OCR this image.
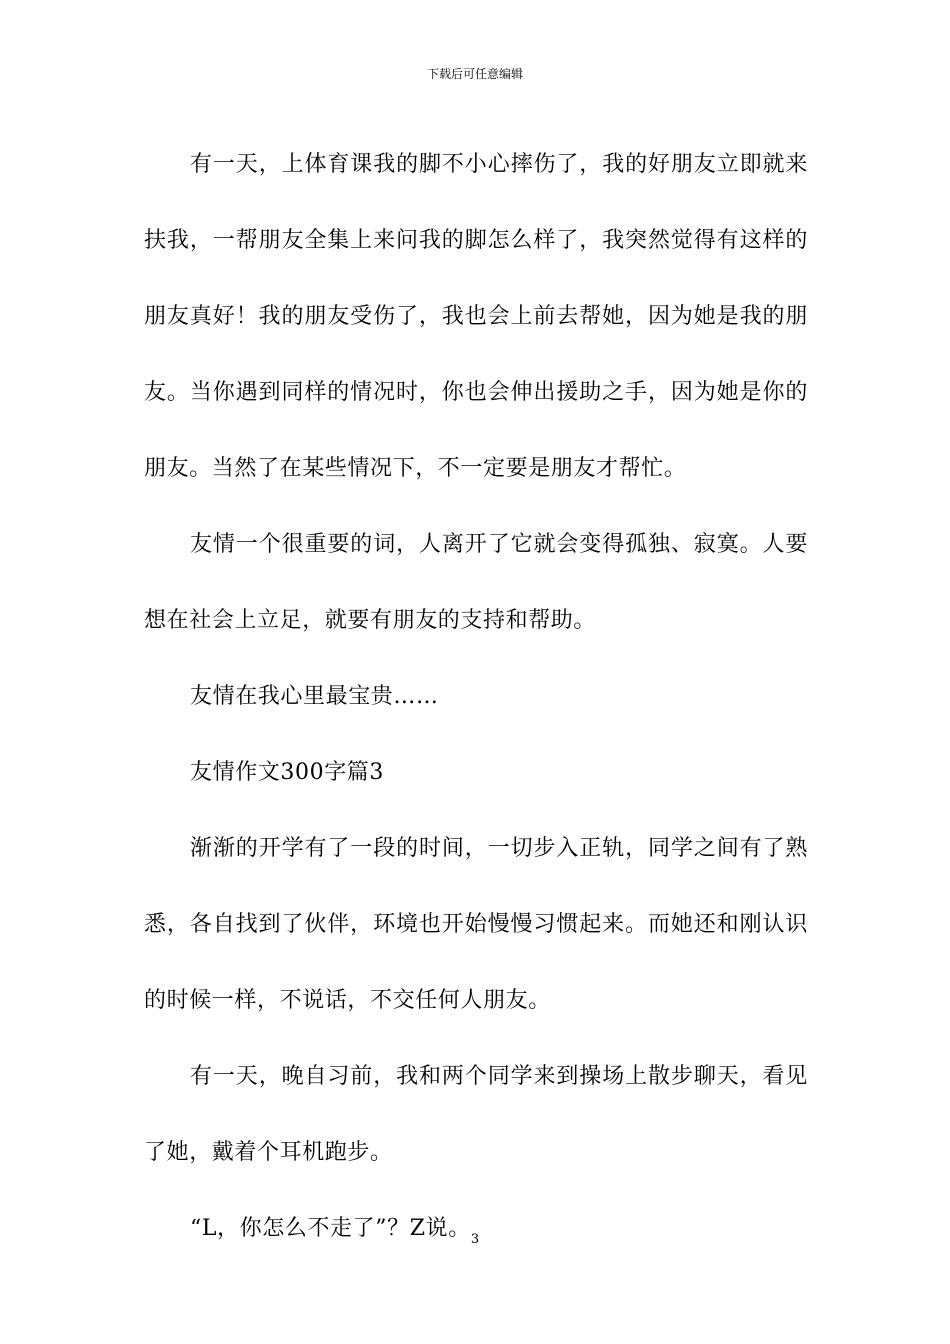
下载后可任意编辑

有一天，上体育课我的脚不小心摔伤了，我的好朋友立即就来扶我，一帮朋友全集上来问我的脚怎么样了，我突然觉得有这样的朋友真好！我的朋友受伤了，我也会上前去帮她，因为她是我的朋友。当你遇到同样的情况时，你也会伸出援助之手，因为她是你的朋友。当然了在某些情况下，不一定要是朋友才帮忙。

友情一个很重要的词，人离开了它就会变得孤独、寂寞。人要想在社会上立足，就要有朋友的支持和帮助。

友情在我心里最宝贵……

友情作文300字篇3

渐渐的开学有了一段的时间，一切步入正轨，同学之间有了熟悉，各自找到了伙伴，环境也开始慢慢习惯起来。而她还和刚认识的时候一样，不说话，不交任何人朋友。

有一天，晚自习前，我和两个同学来到操场上散步聊天，看见了她，戴着个耳机跑步。

“L，你怎么不走了”？Z说。 3
